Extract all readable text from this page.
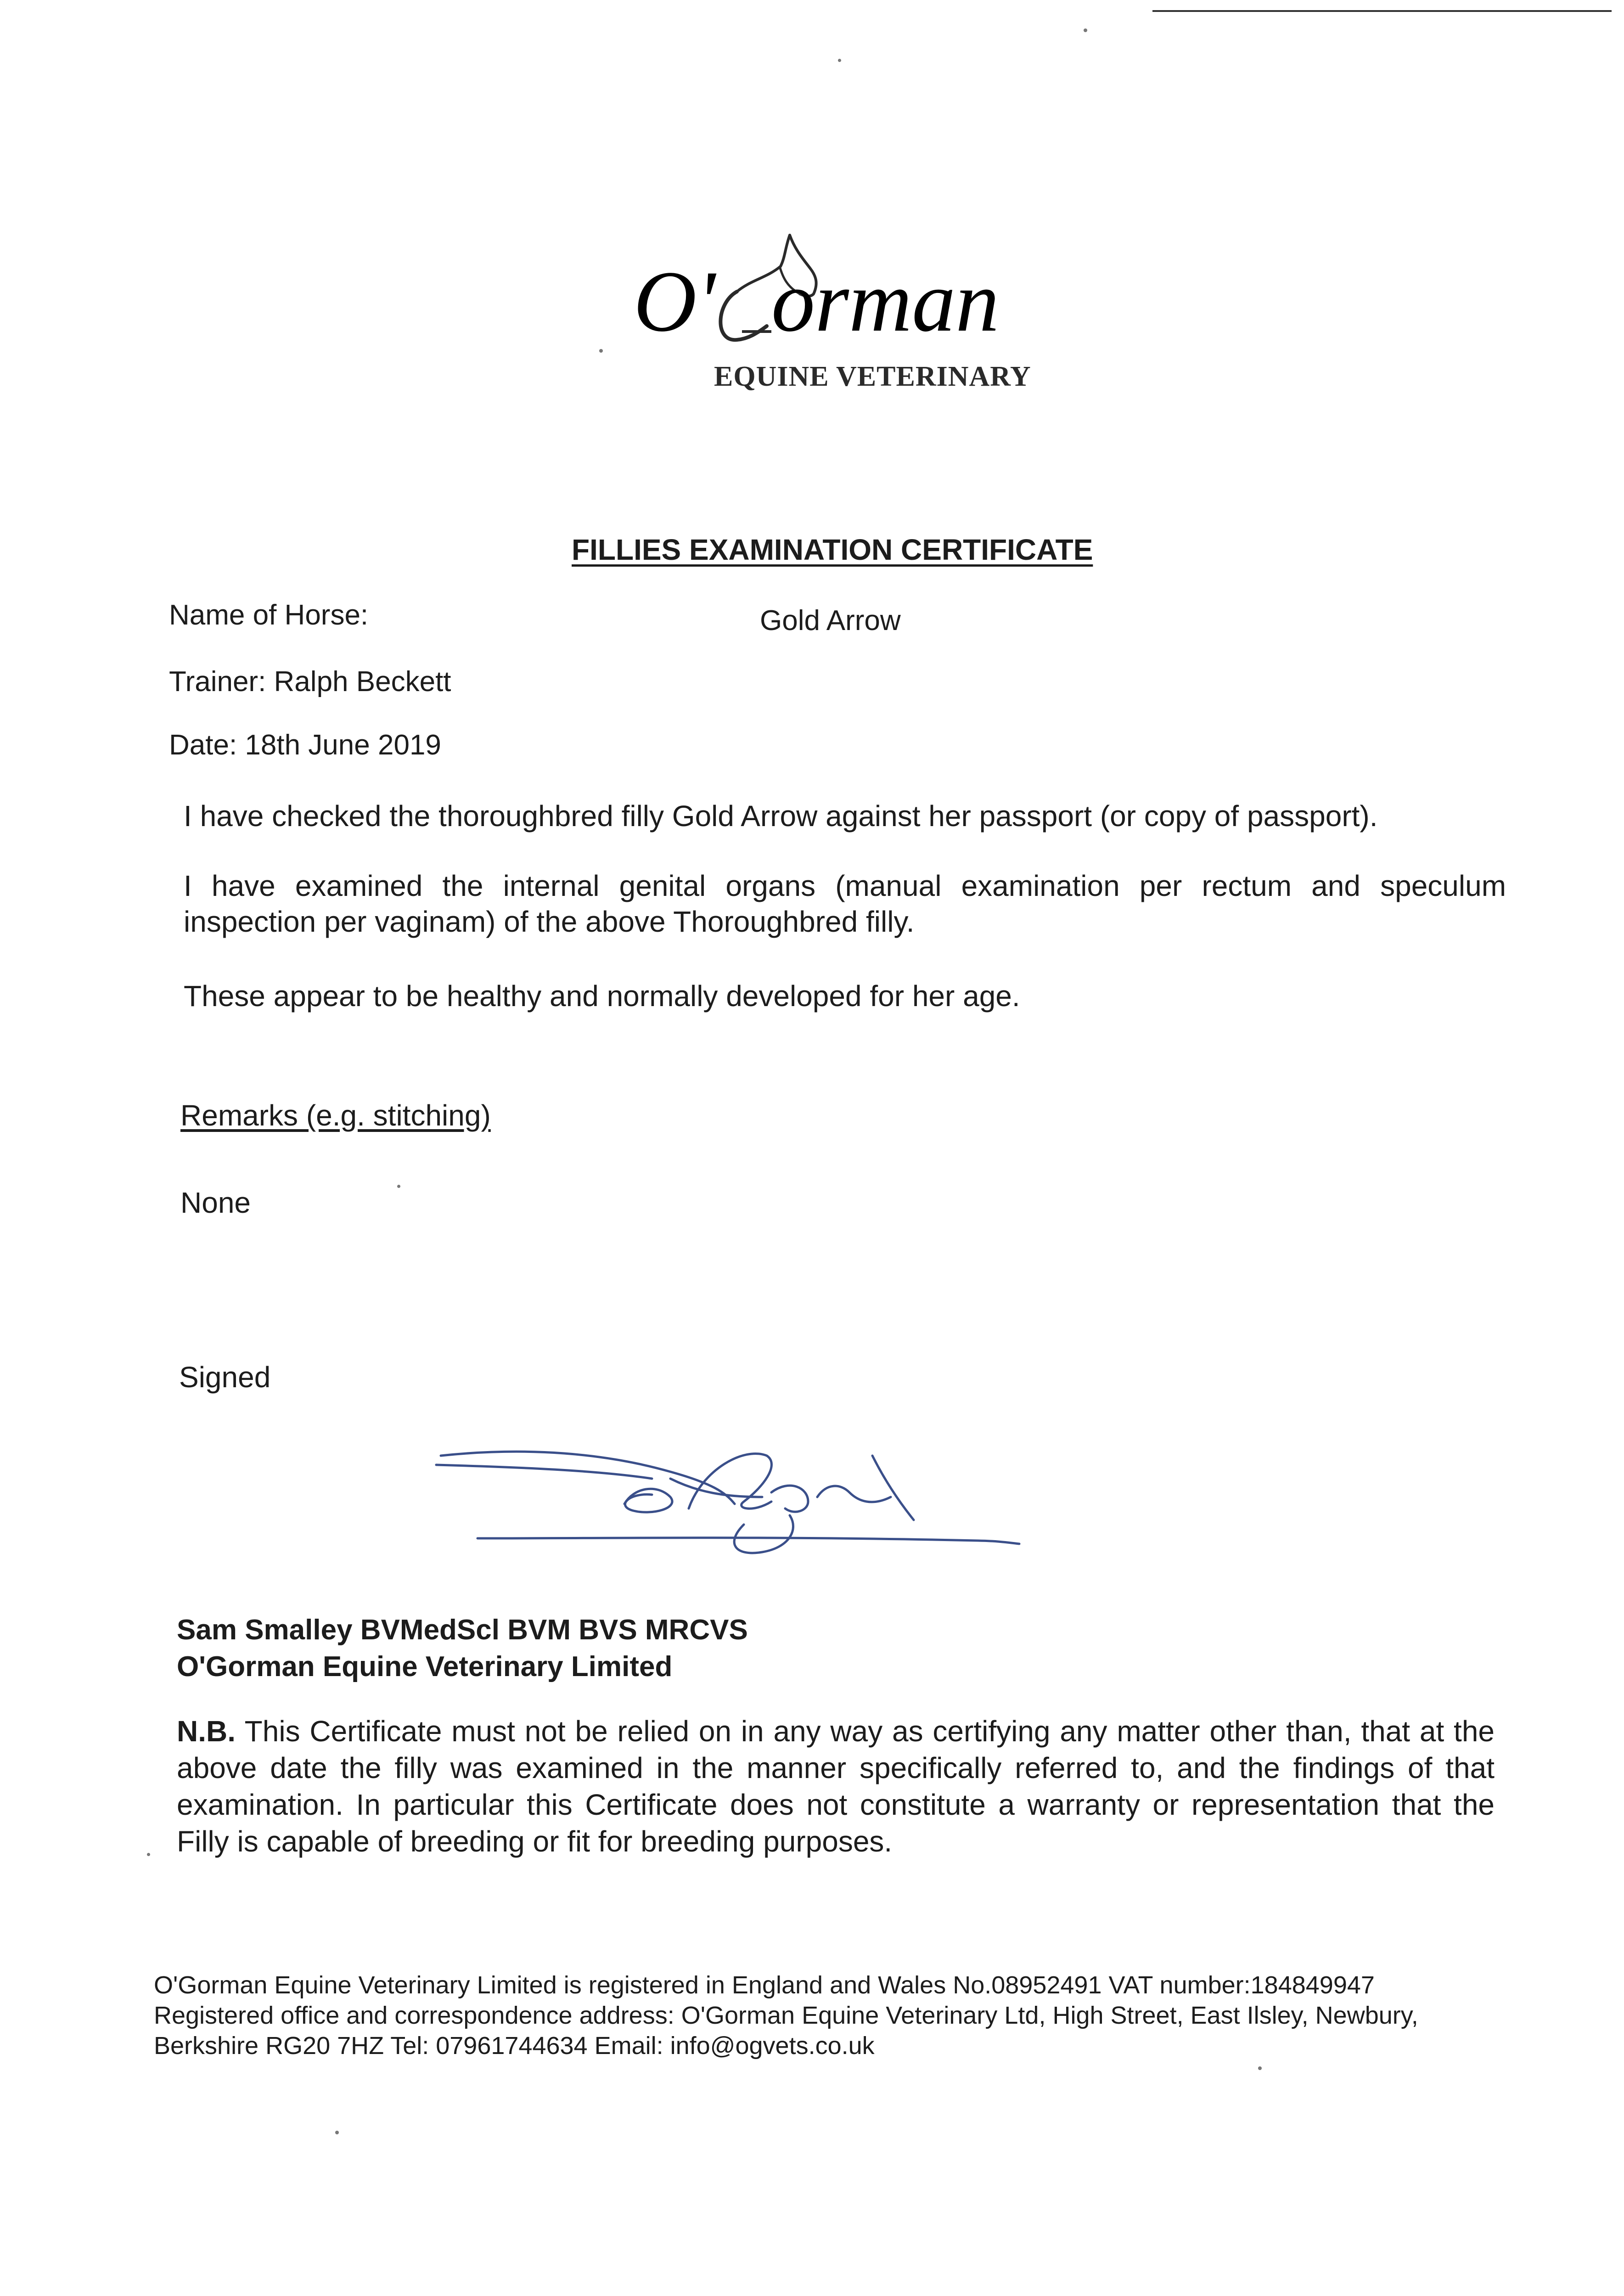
O' orman
EQUINE VETERINARY
FILLIES EXAMINATION CERTIFICATE
Name of Horse:	Gold Arrow
Trainer: Ralph Beckett
Date: 18th June 2019
I have checked the thoroughbred filly Gold Arrow against her passport (or copy of passport).
I have examined the internal genital organs (manual examination per rectum and speculum inspection per vaginam) of the above Thoroughbred filly.
These appear to be healthy and normally developed for her age.
Remarks (e.g. stitching)
None
Signed
Sam Smalley BVMedScl BVM BVS MRCVS
O'Gorman Equine Veterinary Limited
N.B. This Certificate must not be relied on in any way as certifying any matter other than, that at the above date the filly was examined in the manner specifically referred to, and the findings of that examination. In particular this Certificate does not constitute a warranty or representation that the Filly is capable of breeding or fit for breeding purposes.
O'Gorman Equine Veterinary Limited is registered in England and Wales No.08952491 VAT number:184849947
Registered office and correspondence address: O'Gorman Equine Veterinary Ltd, High Street, East Ilsley, Newbury,
Berkshire RG20 7HZ Tel: 07961744634 Email: info@ogvets.co.uk
